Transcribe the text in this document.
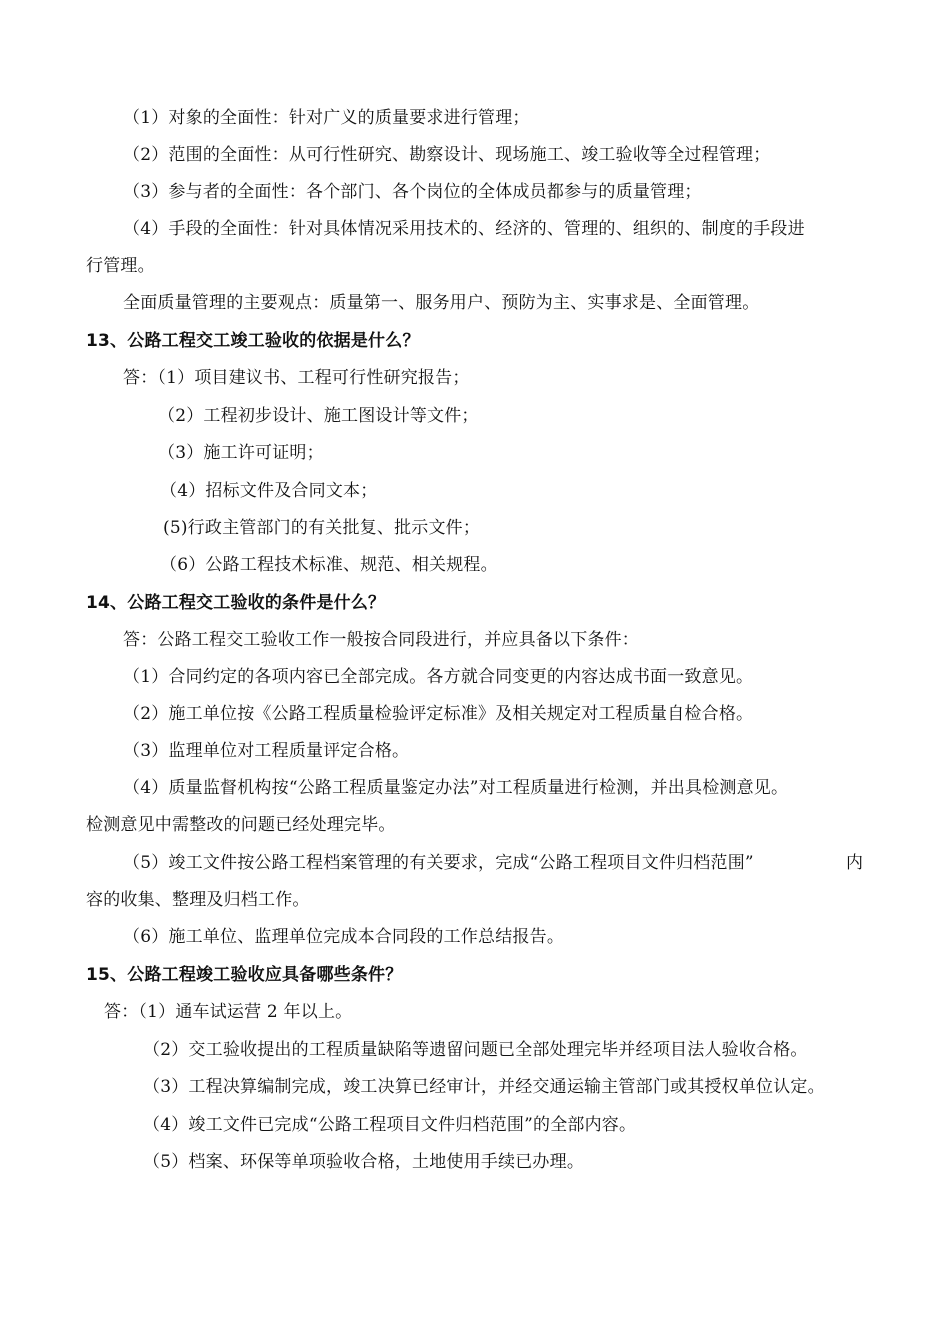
（1）对象的全面性：针对广义的质量要求进行管理；
（2）范围的全面性：从可行性研究、勘察设计、现场施工、竣工验收等全过程管理；
（3）参与者的全面性：各个部门、各个岗位的全体成员都参与的质量管理；
（4）手段的全面性：针对具体情况采用技术的、经济的、管理的、组织的、制度的手段进
行管理。
全面质量管理的主要观点：质量第一、服务用户、预防为主、实事求是、全面管理。
13、公路工程交工竣工验收的依据是什么？
答：（1）项目建议书、工程可行性研究报告；
（2）工程初步设计、施工图设计等文件；
（3）施工许可证明；
（4）招标文件及合同文本；
(5)行政主管部门的有关批复、批示文件；
（6）公路工程技术标准、规范、相关规程。
14、公路工程交工验收的条件是什么？
答：公路工程交工验收工作一般按合同段进行，并应具备以下条件：
（1）合同约定的各项内容已全部完成。各方就合同变更的内容达成书面一致意见。
（2）施工单位按《公路工程质量检验评定标准》及相关规定对工程质量自检合格。
（3）监理单位对工程质量评定合格。
（4）质量监督机构按“公路工程质量鉴定办法”对工程质量进行检测，并出具检测意见。
检测意见中需整改的问题已经处理完毕。
（5）竣工文件按公路工程档案管理的有关要求，完成“公路工程项目文件归档范围”	内
容的收集、整理及归档工作。
（6）施工单位、监理单位完成本合同段的工作总结报告。
15、公路工程竣工验收应具备哪些条件？
答：（1）通车试运营 2 年以上。
（2）交工验收提出的工程质量缺陷等遗留问题已全部处理完毕并经项目法人验收合格。
（3）工程决算编制完成，竣工决算已经审计，并经交通运输主管部门或其授权单位认定。
（4）竣工文件已完成“公路工程项目文件归档范围”的全部内容。
（5）档案、环保等单项验收合格，土地使用手续已办理。
